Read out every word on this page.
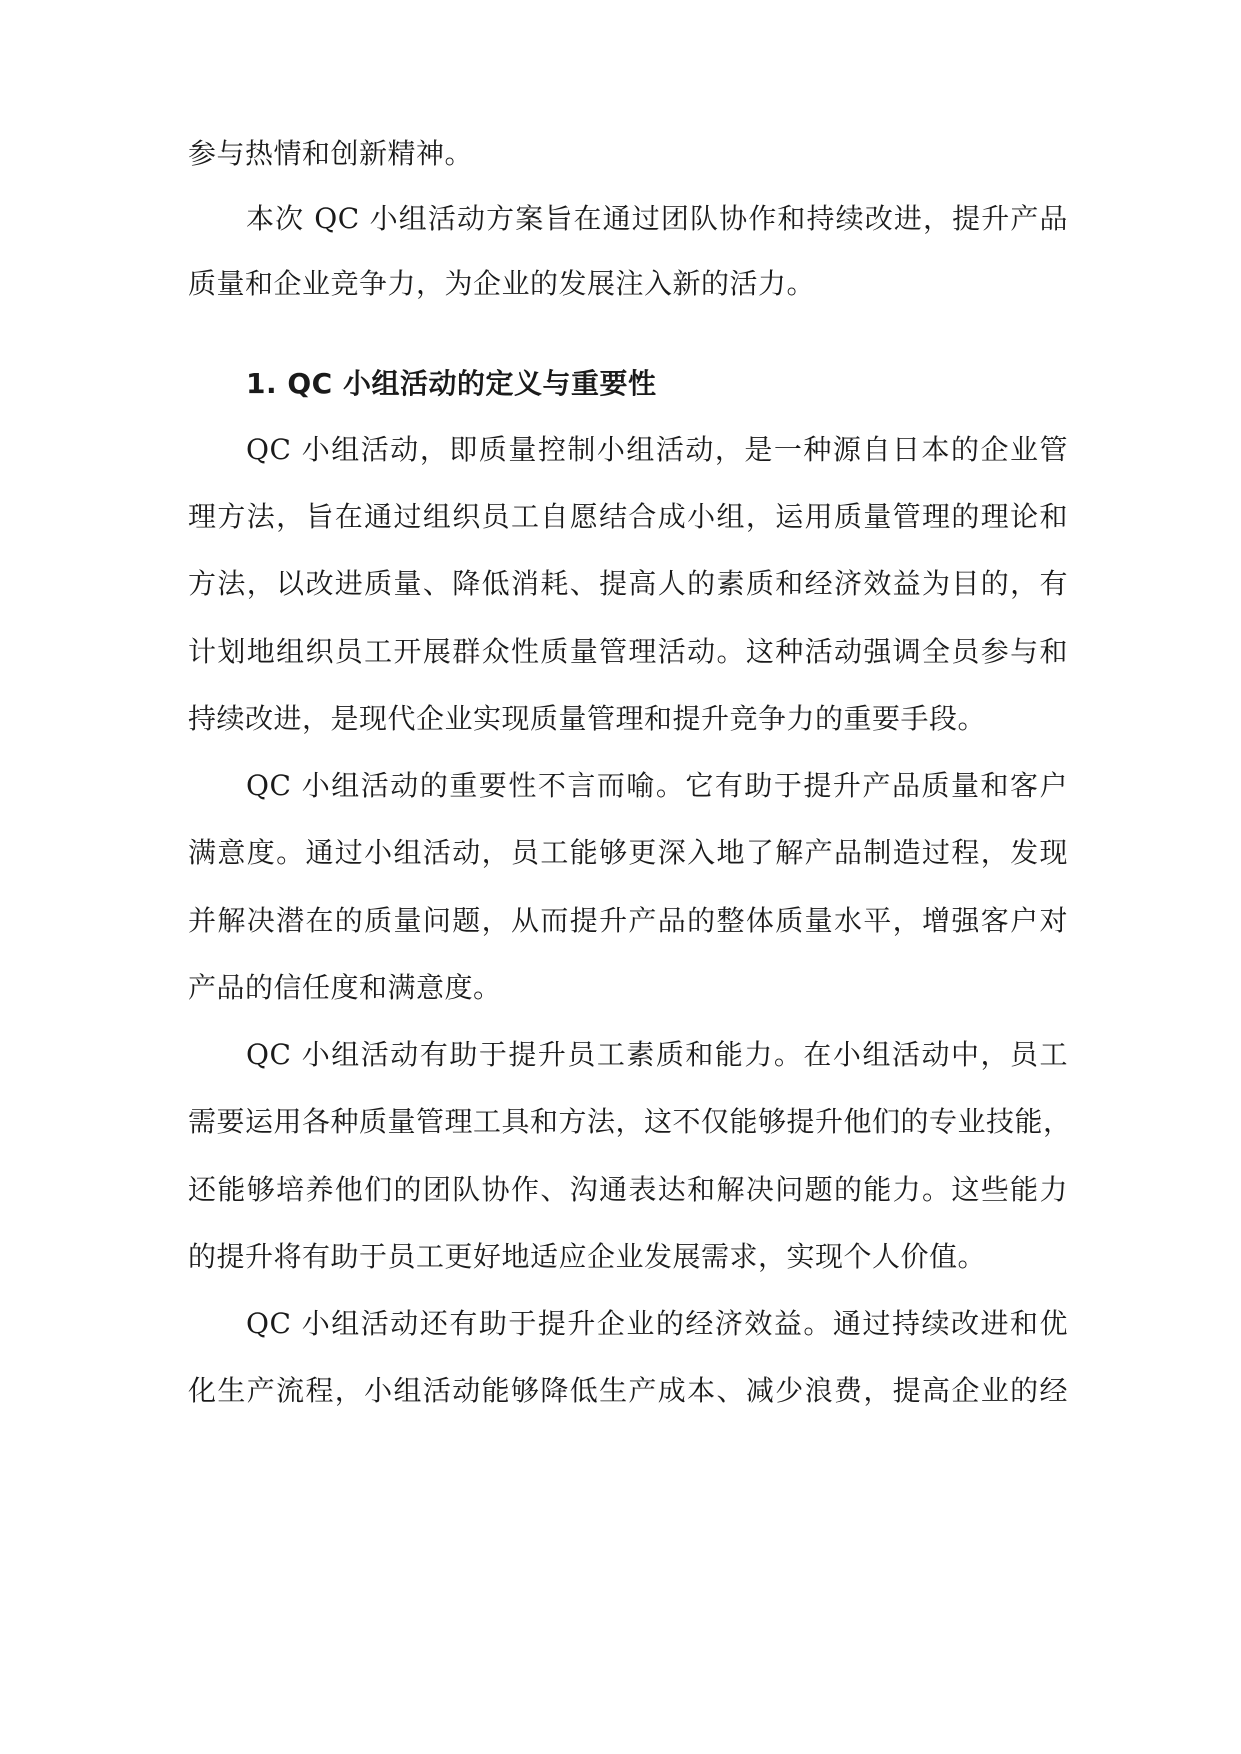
参与热情和创新精神。
本次 QC 小组活动方案旨在通过团队协作和持续改进，提升产品
质量和企业竞争力，为企业的发展注入新的活力。
1. QC 小组活动的定义与重要性
QC 小组活动，即质量控制小组活动，是一种源自日本的企业管
理方法，旨在通过组织员工自愿结合成小组，运用质量管理的理论和
方法，以改进质量、降低消耗、提高人的素质和经济效益为目的，有
计划地组织员工开展群众性质量管理活动。这种活动强调全员参与和
持续改进，是现代企业实现质量管理和提升竞争力的重要手段。
QC 小组活动的重要性不言而喻。它有助于提升产品质量和客户
满意度。通过小组活动，员工能够更深入地了解产品制造过程，发现
并解决潜在的质量问题，从而提升产品的整体质量水平，增强客户对
产品的信任度和满意度。
QC 小组活动有助于提升员工素质和能力。在小组活动中，员工
需要运用各种质量管理工具和方法，这不仅能够提升他们的专业技能，
还能够培养他们的团队协作、沟通表达和解决问题的能力。这些能力
的提升将有助于员工更好地适应企业发展需求，实现个人价值。
QC 小组活动还有助于提升企业的经济效益。通过持续改进和优
化生产流程，小组活动能够降低生产成本、减少浪费，提高企业的经
